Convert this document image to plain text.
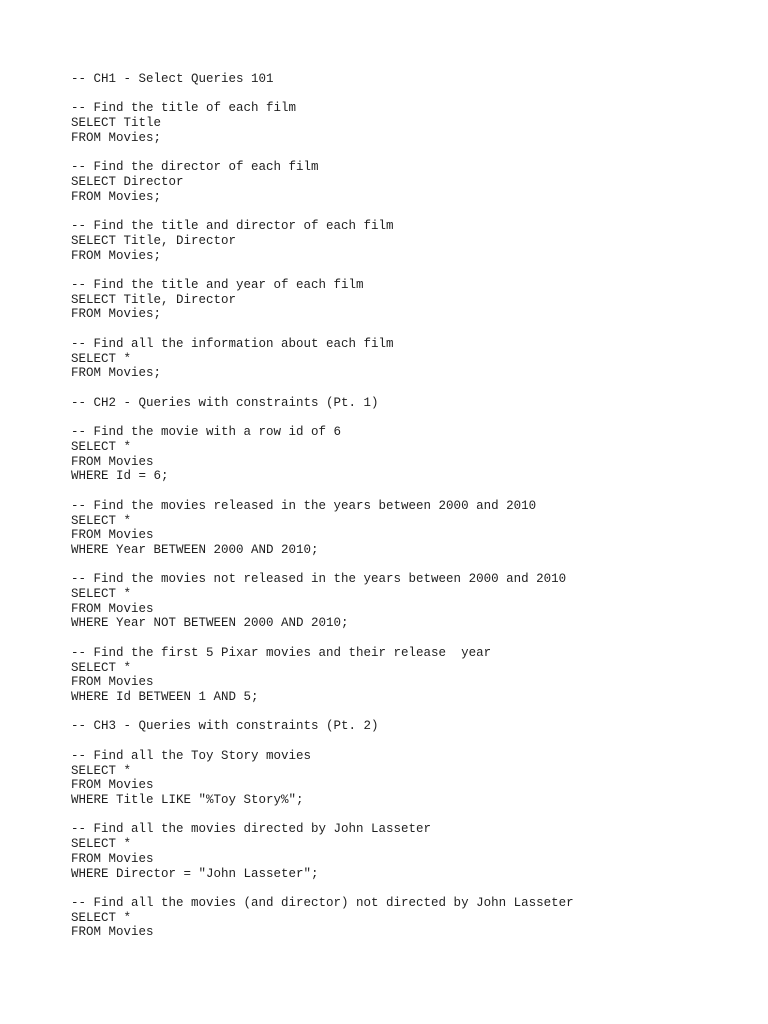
-- CH1 - Select Queries 101
-- Find the title of each film
SELECT Title
FROM Movies;
-- Find the director of each film
SELECT Director
FROM Movies;
-- Find the title and director of each film
SELECT Title, Director
FROM Movies;
-- Find the title and year of each film
SELECT Title, Director
FROM Movies;
-- Find all the information about each film
SELECT *
FROM Movies;
-- CH2 - Queries with constraints (Pt. 1)
-- Find the movie with a row id of 6
SELECT *
FROM Movies
WHERE Id = 6;
-- Find the movies released in the years between 2000 and 2010
SELECT *
FROM Movies
WHERE Year BETWEEN 2000 AND 2010;
-- Find the movies not released in the years between 2000 and 2010
SELECT *
FROM Movies
WHERE Year NOT BETWEEN 2000 AND 2010;
-- Find the first 5 Pixar movies and their release  year
SELECT *
FROM Movies
WHERE Id BETWEEN 1 AND 5;
-- CH3 - Queries with constraints (Pt. 2)
-- Find all the Toy Story movies
SELECT *
FROM Movies
WHERE Title LIKE "%Toy Story%";
-- Find all the movies directed by John Lasseter
SELECT *
FROM Movies
WHERE Director = "John Lasseter";
-- Find all the movies (and director) not directed by John Lasseter
SELECT *
FROM Movies
